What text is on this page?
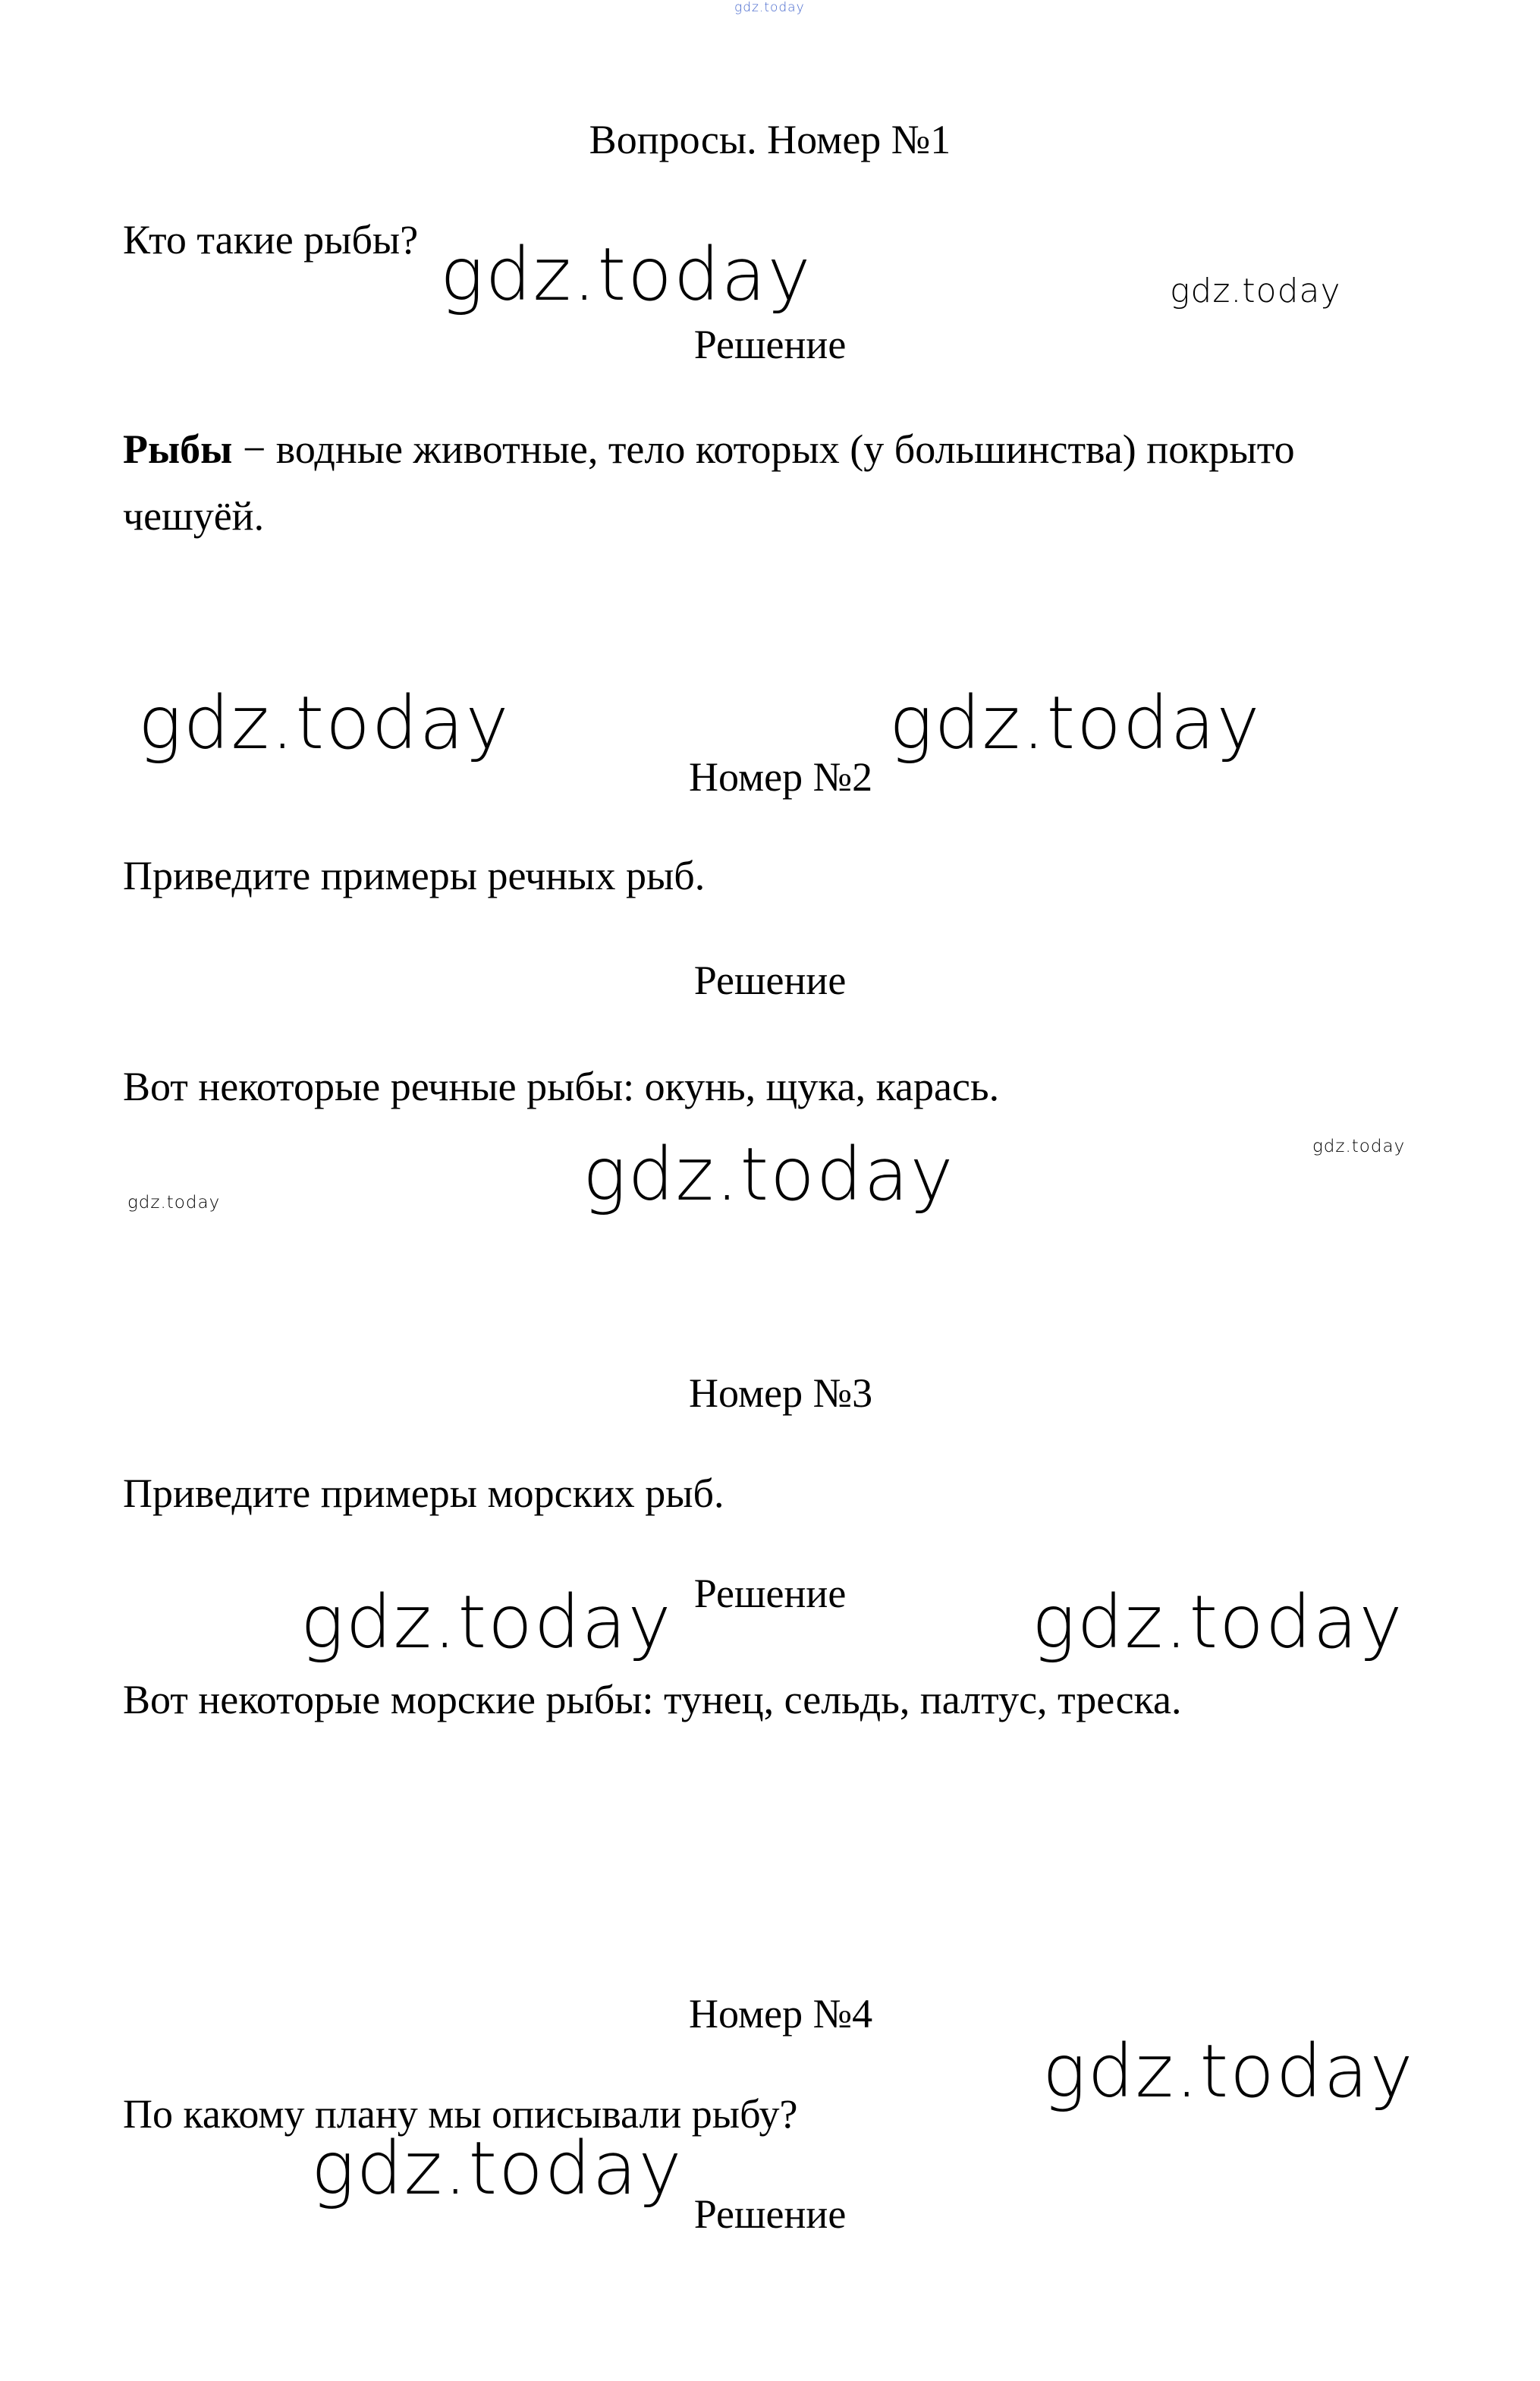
gdz.today
Вопросы. Номер №1

Кто такие рыбы? gdz.today	gdz.today

Решение

Рыбы − водные животные, тело которых (у большинства) покрыто чешуёй.

gdz.today	gdz.today
Номер №2

Приведите примеры речных рыб.

Решение

Вот некоторые речные рыбы: окунь, щука, карась.

gdz.today
gdz.today
gdz.today
Номер №3

Приведите примеры морских рыб.

Решение

gdz.today	gdz.today

Вот некоторые морские рыбы: тунец, сельдь, палтус, треска.

Номер №4
gdz.today

По какому плану мы описывали рыбу?

gdz.today

Решение
